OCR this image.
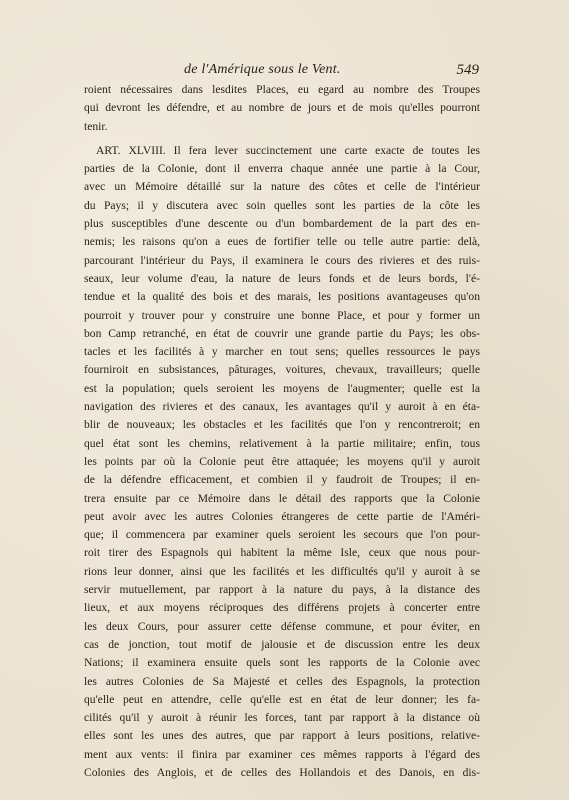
de l'Amérique sous le Vent.	549
roient nécessaires dans lesdites Places, eu egard au nombre des Troupes
qui devront les défendre, et au nombre de jours et de mois qu'elles pourront
tenir.
ART. XLVIII. Il fera lever succinctement une carte exacte de toutes les
parties de la Colonie, dont il enverra chaque année une partie à la Cour,
avec un Mémoire détaillé sur la nature des côtes et celle de l'intérieur
du Pays; il y discutera avec soin quelles sont les parties de la côte les
plus susceptibles d'une descente ou d'un bombardement de la part des en-
nemis; les raisons qu'on a eues de fortifier telle ou telle autre partie: delà,
parcourant l'intérieur du Pays, il examinera le cours des rivieres et des ruis-
seaux, leur volume d'eau, la nature de leurs fonds et de leurs bords, l'é-
tendue et la qualité des bois et des marais, les positions avantageuses qu'on
pourroit y trouver pour y construire une bonne Place, et pour y former un
bon Camp retranché, en état de couvrir une grande partie du Pays; les obs-
tacles et les facilités à y marcher en tout sens; quelles ressources le pays
fourniroit en subsistances, pâturages, voitures, chevaux, travailleurs; quelle
est la population; quels seroient les moyens de l'augmenter; quelle est la
navigation des rivieres et des canaux, les avantages qu'il y auroit à en éta-
blir de nouveaux; les obstacles et les facilités que l'on y rencontreroit; en
quel état sont les chemins, relativement à la partie militaire; enfin, tous
les points par où la Colonie peut être attaquée; les moyens qu'il y auroit
de la défendre efficacement, et combien il y faudroit de Troupes; il en-
trera ensuite par ce Mémoire dans le détail des rapports que la Colonie
peut avoir avec les autres Colonies étrangeres de cette partie de l'Améri-
que; il commencera par examiner quels seroient les secours que l'on pour-
roit tirer des Espagnols qui habitent la même Isle, ceux que nous pour-
rions leur donner, ainsi que les facilités et les difficultés qu'il y auroit à se
servir mutuellement, par rapport à la nature du pays, à la distance des
lieux, et aux moyens réciproques des différens projets à concerter entre
les deux Cours, pour assurer cette défense commune, et pour éviter, en
cas de jonction, tout motif de jalousie et de discussion entre les deux
Nations; il examinera ensuite quels sont les rapports de la Colonie avec
les autres Colonies de Sa Majesté et celles des Espagnols, la protection
qu'elle peut en attendre, celle qu'elle est en état de leur donner; les fa-
cilités qu'il y auroit à réunir les forces, tant par rapport à la distance où
elles sont les unes des autres, que par rapport à leurs positions, relative-
ment aux vents: il finira par examiner ces mêmes rapports à l'égard des
Colonies des Anglois, et de celles des Hollandois et des Danois, en dis-
